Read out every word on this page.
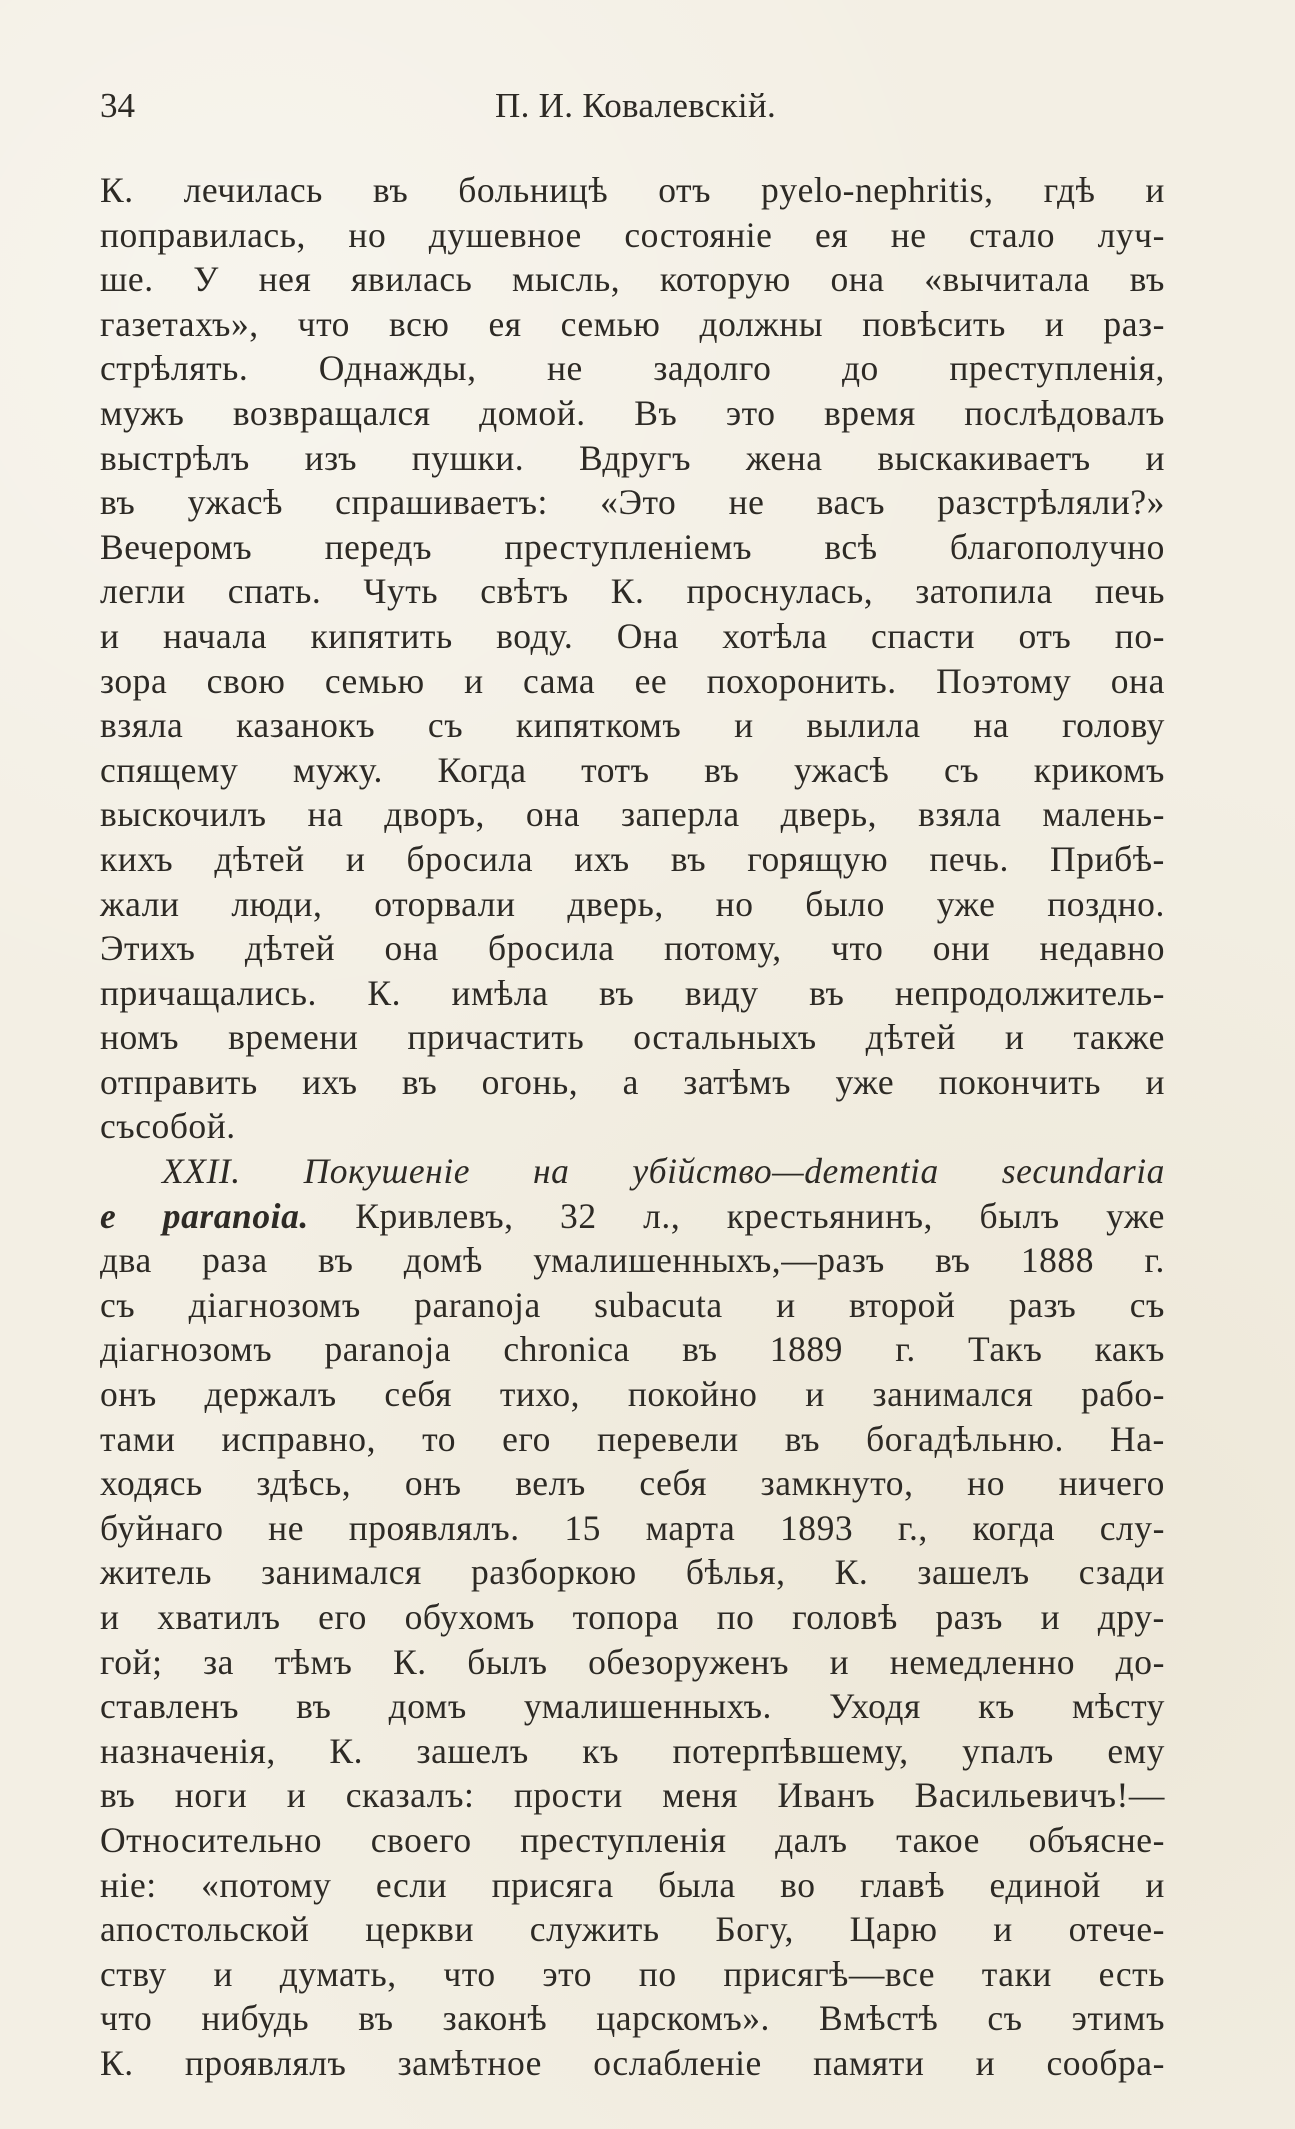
34	П. И. Ковалевскій.
К. лечилась въ больницѣ отъ pyelo-nephritis, гдѣ и
поправилась, но душевное состояніе ея не стало луч-
ше. У нея явилась мысль, которую она «вычитала въ
газетахъ», что всю ея семью должны повѣсить и раз-
стрѣлять. Однажды, не задолго до преступленія,
мужъ возвращался домой. Въ это время послѣдовалъ
выстрѣлъ изъ пушки. Вдругъ жена выскакиваетъ и
въ ужасѣ спрашиваетъ: «Это не васъ разстрѣляли?»
Вечеромъ передъ преступленіемъ всѣ благополучно
легли спать. Чуть свѣтъ К. проснулась, затопила печь
и начала кипятить воду. Она хотѣла спасти отъ по-
зора свою семью и сама ее похоронить. Поэтому она
взяла казанокъ съ кипяткомъ и вылила на голову
спящему мужу. Когда тотъ въ ужасѣ съ крикомъ
выскочилъ на дворъ, она заперла дверь, взяла малень-
кихъ дѣтей и бросила ихъ въ горящую печь. Прибѣ-
жали люди, оторвали дверь, но было уже поздно.
Этихъ дѣтей она бросила потому, что они недавно
причащались. К. имѣла въ виду въ непродолжитель-
номъ времени причастить остальныхъ дѣтей и также
отправить ихъ въ огонь, а затѣмъ уже покончить и
съ собой.
XXII. Покушеніе на убійство—dementia secundaria
e paranoia. Кривлевъ, 32 л., крестьянинъ, былъ уже
два раза въ домѣ умалишенныхъ,—разъ въ 1888 г.
съ діагнозомъ paranoja subacuta и второй разъ съ
діагнозомъ paranoja chronica въ 1889 г. Такъ какъ
онъ держалъ себя тихо, покойно и занимался рабо-
тами исправно, то его перевели въ богадѣльню. На-
ходясь здѣсь, онъ велъ себя замкнуто, но ничего
буйнаго не проявлялъ. 15 марта 1893 г., когда слу-
житель занимался разборкою бѣлья, К. зашелъ сзади
и хватилъ его обухомъ топора по головѣ разъ и дру-
гой; за тѣмъ К. былъ обезоруженъ и немедленно до-
ставленъ въ домъ умалишенныхъ. Уходя къ мѣсту
назначенія, К. зашелъ къ потерпѣвшему, упалъ ему
въ ноги и сказалъ: прости меня Иванъ Васильевичъ!—
Относительно своего преступленія далъ такое объясне-
ніе: «потому если присяга была во главѣ единой и
апостольской церкви служить Богу, Царю и отече-
ству и думать, что это по присягѣ—все таки есть
что нибудь въ законѣ царскомъ». Вмѣстѣ съ этимъ
К. проявлялъ замѣтное ослабленіе памяти и сообра-
